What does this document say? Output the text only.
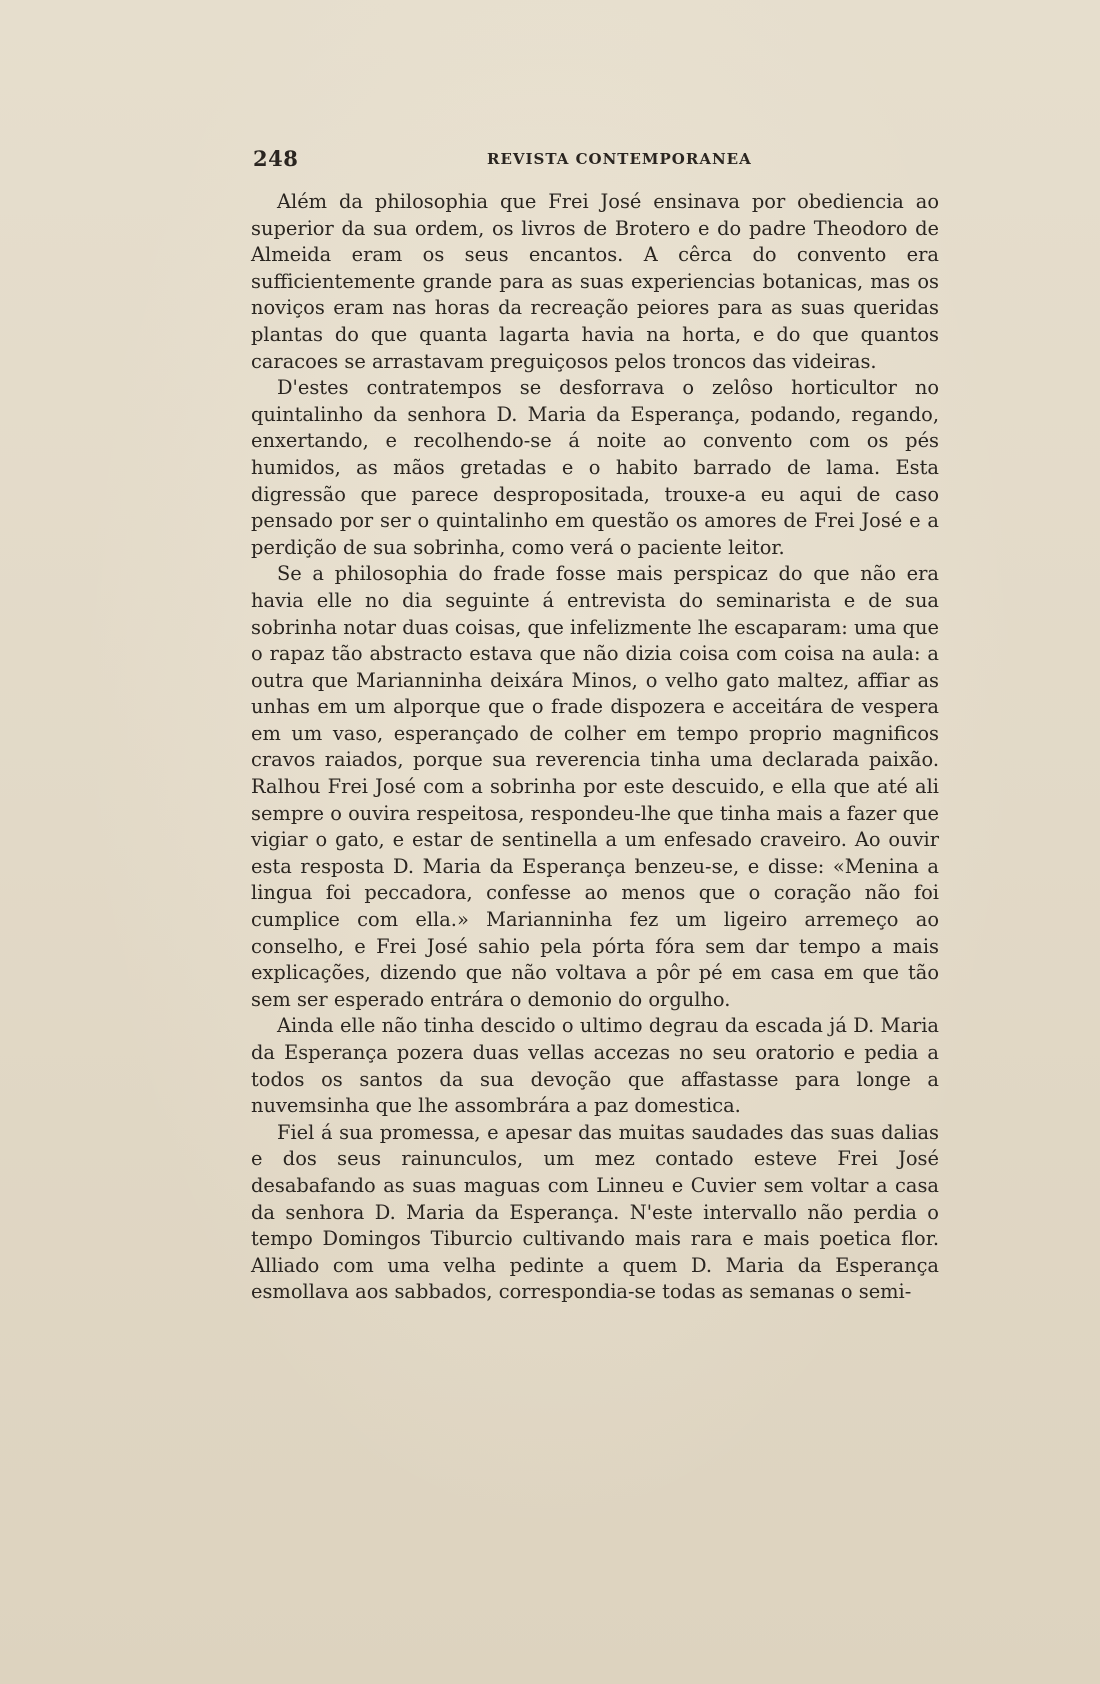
248	REVISTA CONTEMPORANEA

Além da philosophia que Frei José ensinava por obediencia ao superior da sua ordem, os livros de Brotero e do padre Theodoro de Almeida eram os seus encantos. A cêrca do convento era sufficientemente grande para as suas experiencias botanicas, mas os noviços eram nas horas da recreação peiores para as suas queridas plantas do que quanta lagarta havia na horta, e do que quantos caracoes se arrastavam preguiçosos pelos troncos das videiras.

D'estes contratempos se desforrava o zelôso horticultor no quintalinho da senhora D. Maria da Esperança, podando, regando, enxertando, e recolhendo-se á noite ao convento com os pés humidos, as mãos gretadas e o habito barrado de lama. Esta digressão que parece despropositada, trouxe-a eu aqui de caso pensado por ser o quintalinho em questão os amores de Frei José e a perdição de sua sobrinha, como verá o paciente leitor.

Se a philosophia do frade fosse mais perspicaz do que não era havia elle no dia seguinte á entrevista do seminarista e de sua sobrinha notar duas coisas, que infelizmente lhe escaparam: uma que o rapaz tão abstracto estava que não dizia coisa com coisa na aula: a outra que Marianninha deixára Minos, o velho gato maltez, affiar as unhas em um alporque que o frade dispozera e acceitára de vespera em um vaso, esperançado de colher em tempo proprio magnificos cravos raiados, porque sua reverencia tinha uma declarada paixão. Ralhou Frei José com a sobrinha por este descuido, e ella que até ali sempre o ouvira respeitosa, respondeu-lhe que tinha mais a fazer que vigiar o gato, e estar de sentinella a um enfesado craveiro. Ao ouvir esta resposta D. Maria da Esperança benzeu-se, e disse: «Menina a lingua foi peccadora, confesse ao menos que o coração não foi cumplice com ella.» Marianninha fez um ligeiro arremeço ao conselho, e Frei José sahio pela pórta fóra sem dar tempo a mais explicações, dizendo que não voltava a pôr pé em casa em que tão sem ser esperado entrára o demonio do orgulho.

Ainda elle não tinha descido o ultimo degrau da escada já D. Maria da Esperança pozera duas vellas accezas no seu oratorio e pedia a todos os santos da sua devoção que affastasse para longe a nuvemsinha que lhe assombrára a paz domestica.

Fiel á sua promessa, e apesar das muitas saudades das suas dalias e dos seus rainunculos, um mez contado esteve Frei José desabafando as suas maguas com Linneu e Cuvier sem voltar a casa da senhora D. Maria da Esperança. N'este intervallo não perdia o tempo Domingos Tiburcio cultivando mais rara e mais poetica flor. Alliado com uma velha pedinte a quem D. Maria da Esperança esmollava aos sabbados, correspondia-se todas as semanas o semi-
